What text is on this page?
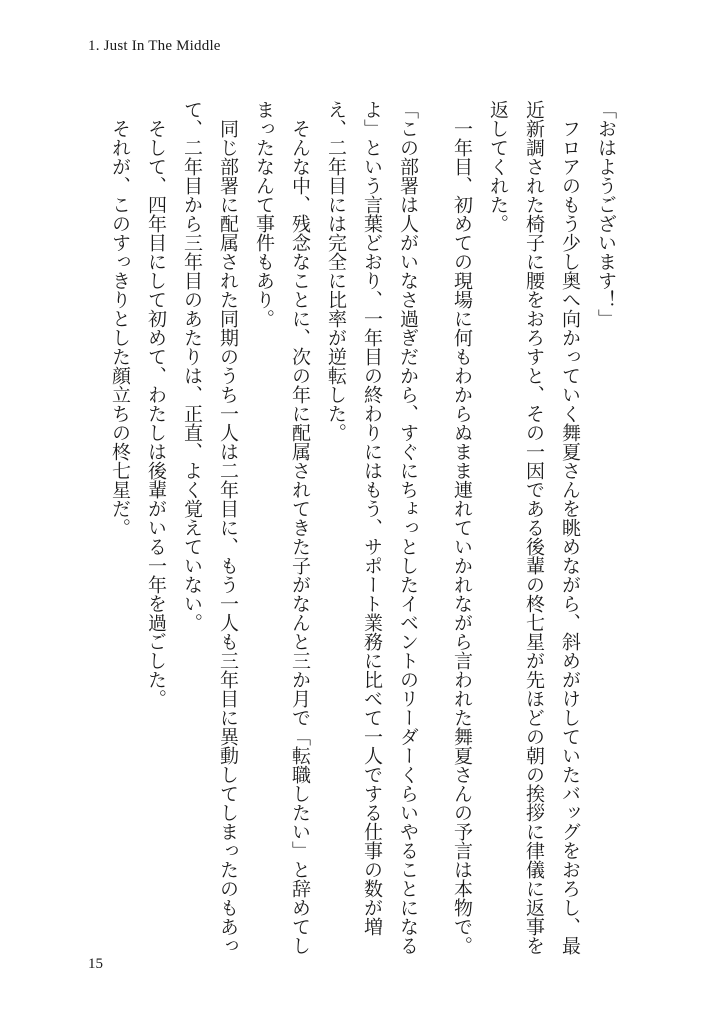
1. Just In The Middle

「おはようございます！」

　フロアのもう少し奥へ向かっていく舞夏さんを眺めながら、斜めがけしていたバッグをおろし、最近新調された椅子に腰をおろすと、その一因である後輩の柊七星が先ほどの朝の挨拶に律儀に返事を返してくれた。

　一年目、初めての現場に何もわからぬまま連れていかれながら言われた舞夏さんの予言は本物で。

「この部署は人がいなさ過ぎだから、すぐにちょっとしたイベントのリーダーくらいやることになるよ」という言葉どおり、一年目の終わりにはもう、サポート業務に比べて一人でする仕事の数が増え、二年目には完全に比率が逆転した。

　そんな中、残念なことに、次の年に配属されてきた子がなんと三か月で「転職したい」と辞めてしまったなんて事件もあり。

　同じ部署に配属された同期のうち一人は二年目に、もう一人も三年目に異動してしまったのもあって、二年目から三年目のあたりは、正直、よく覚えていない。

　そして、四年目にして初めて、わたしは後輩がいる一年を過ごした。

　それが、このすっきりとした顔立ちの柊七星だ。

15
